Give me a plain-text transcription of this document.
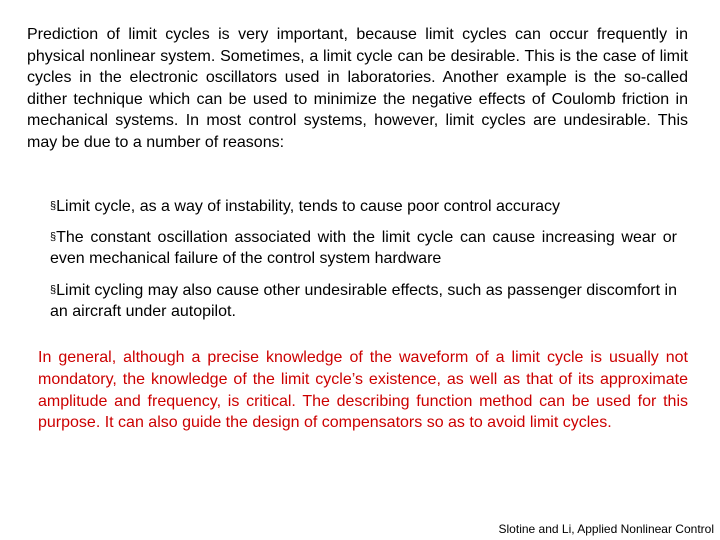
Prediction of limit cycles is very important, because limit cycles can occur frequently in physical nonlinear system. Sometimes, a limit cycle can be desirable. This is the case of limit cycles in the electronic oscillators used in laboratories. Another example is the so-called dither technique which can be used to minimize the negative effects of Coulomb friction in mechanical systems. In most control systems, however, limit cycles are undesirable. This may be due to a number of reasons:

§Limit cycle, as a way of instability, tends to cause poor control accuracy
§The constant oscillation associated with the limit cycle can cause increasing wear or even mechanical failure of the control system hardware
§Limit cycling may also cause other undesirable effects, such as passenger discomfort in an aircraft under autopilot.

In general, although a precise knowledge of the waveform of a limit cycle is usually not mondatory, the knowledge of the limit cycle’s existence, as well as that of its approximate amplitude and frequency, is critical. The describing function method can be used for this purpose. It can also guide the design of compensators so as to avoid limit cycles.

Slotine and Li, Applied Nonlinear Control
